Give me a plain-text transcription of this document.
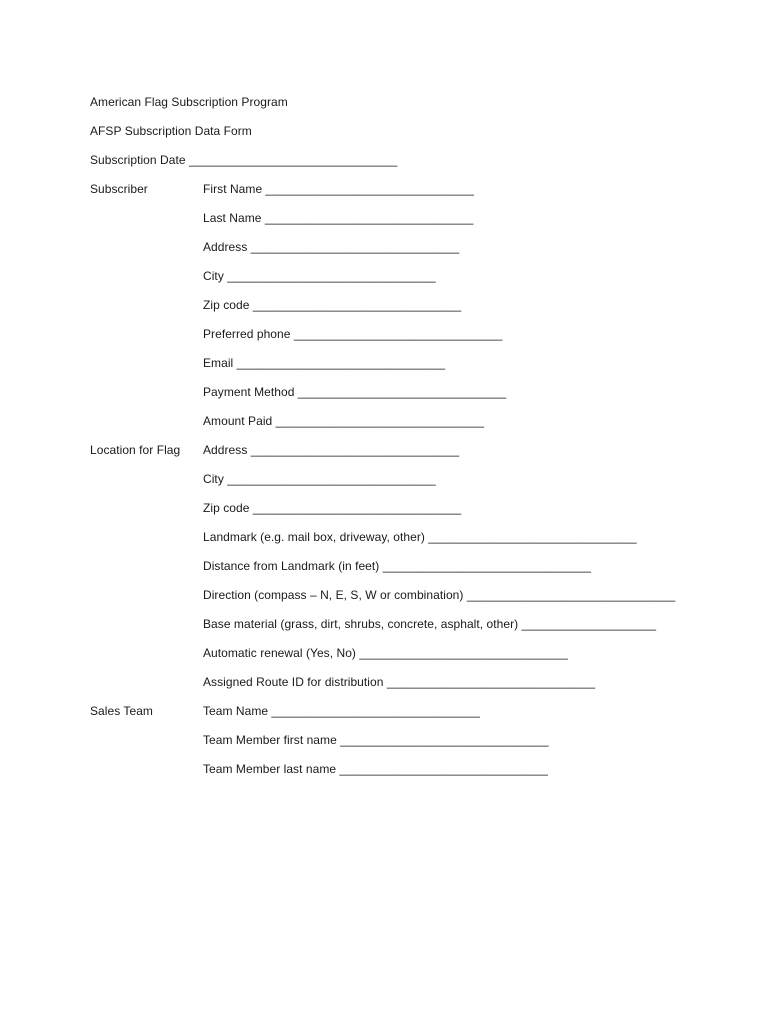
American Flag Subscription Program
AFSP Subscription Data Form
Subscription Date _______________________________
Subscriber	First Name _______________________________
Last Name _______________________________
Address _______________________________
City _______________________________
Zip code _______________________________
Preferred phone _______________________________
Email _______________________________
Payment Method _______________________________
Amount Paid _______________________________
Location for Flag Address _______________________________
City _______________________________
Zip code _______________________________
Landmark (e.g. mail box, driveway, other) _______________________________
Distance from Landmark (in feet) _______________________________
Direction (compass – N, E, S, W or combination) _______________________________
Base material (grass, dirt, shrubs, concrete, asphalt, other) ____________________
Automatic renewal (Yes, No) _______________________________
Assigned Route ID for distribution _______________________________
Sales Team	Team Name _______________________________
Team Member first name _______________________________
Team Member last name _______________________________
